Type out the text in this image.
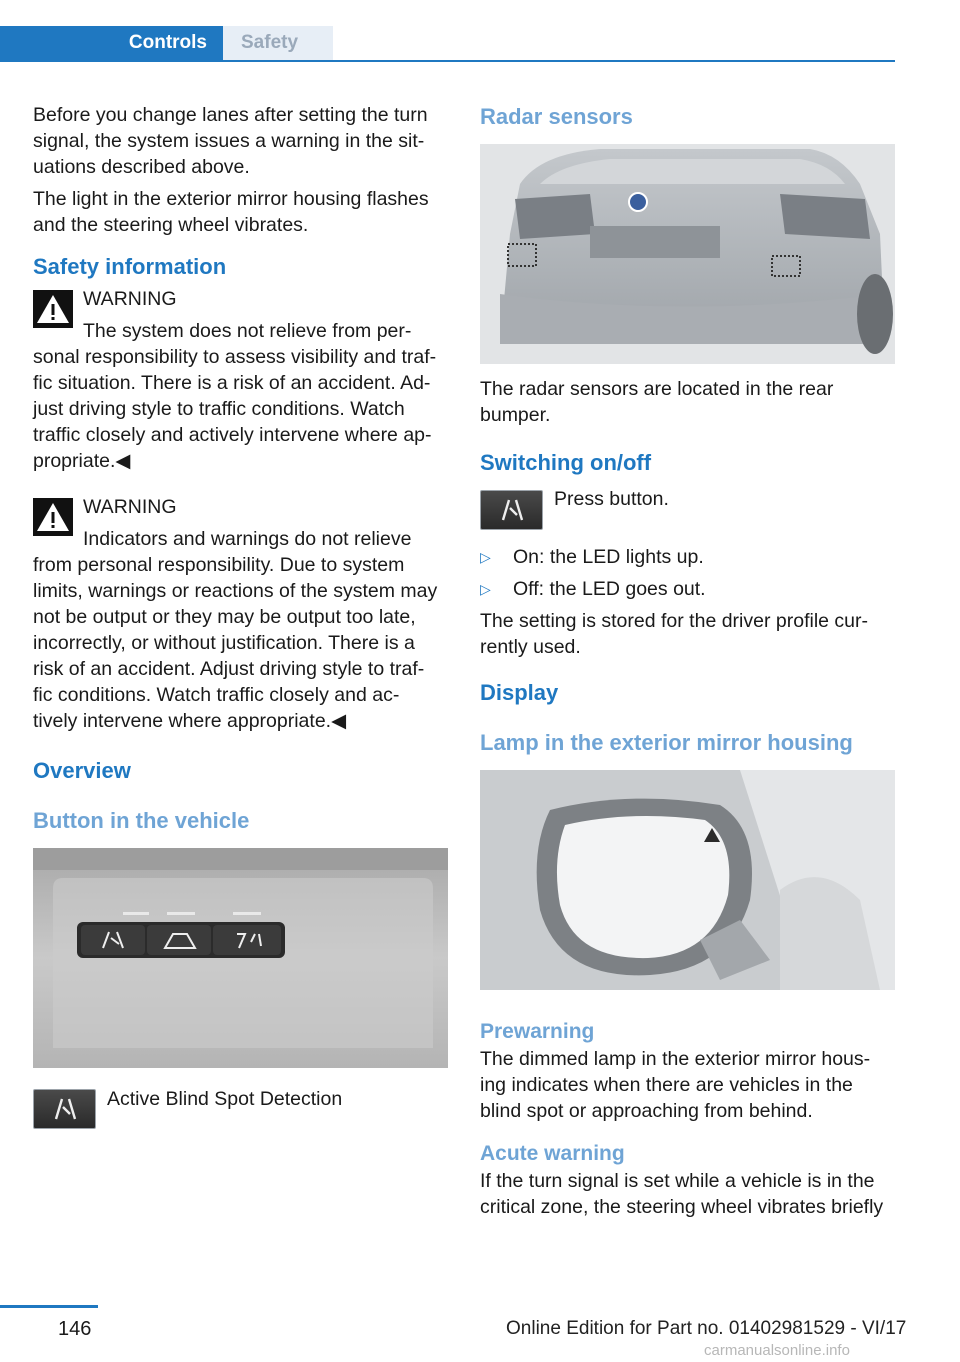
Controls	Safety

Before you change lanes after setting the turn signal, the system issues a warning in the sit‐ uations described above.

The light in the exterior mirror housing flashes and the steering wheel vibrates.

Safety information
WARNING

The system does not relieve from per‐ sonal responsibility to assess visibility and traf‐ fic situation. There is a risk of an accident. Ad‐ just driving style to traffic conditions. Watch traffic closely and actively intervene where ap‐ propriate.◀

WARNING

Indicators and warnings do not relieve from personal responsibility. Due to system limits, warnings or reactions of the system may not be output or they may be output too late, incorrectly, or without justification. There is a risk of an accident. Adjust driving style to traf‐ fic conditions. Watch traffic closely and ac‐ tively intervene where appropriate.◀

Overview
Button in the vehicle
Active Blind Spot Detection
Radar sensors

The radar sensors are located in the rear bumper.

Switching on/off
Press button.
▷	On: the LED lights up.
▷	Off: the LED goes out.

The setting is stored for the driver profile cur‐ rently used.

Display
Lamp in the exterior mirror housing
Prewarning

The dimmed lamp in the exterior mirror hous‐ ing indicates when there are vehicles in the blind spot or approaching from behind.

Acute warning

If the turn signal is set while a vehicle is in the critical zone, the steering wheel vibrates briefly

146	Online Edition for Part no. 01402981529 - VI/17
carmanualsonline.info
